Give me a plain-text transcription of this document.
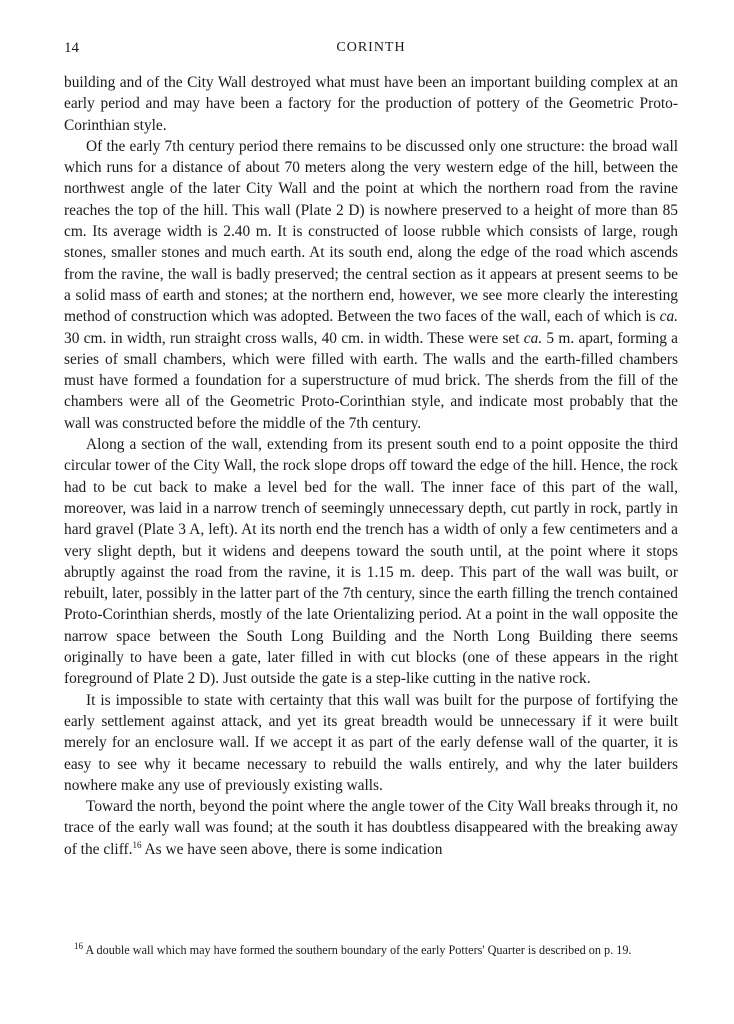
14	CORINTH

building and of the City Wall destroyed what must have been an important building complex at an early period and may have been a factory for the production of pottery of the Geometric Proto-Corinthian style.

Of the early 7th century period there remains to be discussed only one structure: the broad wall which runs for a distance of about 70 meters along the very western edge of the hill, between the northwest angle of the later City Wall and the point at which the northern road from the ravine reaches the top of the hill. This wall (Plate 2 D) is nowhere preserved to a height of more than 85 cm. Its average width is 2.40 m. It is constructed of loose rubble which consists of large, rough stones, smaller stones and much earth. At its south end, along the edge of the road which ascends from the ravine, the wall is badly preserved; the central section as it appears at present seems to be a solid mass of earth and stones; at the northern end, however, we see more clearly the interesting method of construction which was adopted. Between the two faces of the wall, each of which is ca. 30 cm. in width, run straight cross walls, 40 cm. in width. These were set ca. 5 m. apart, forming a series of small chambers, which were filled with earth. The walls and the earth-filled chambers must have formed a foundation for a superstructure of mud brick. The sherds from the fill of the chambers were all of the Geometric Proto-Corinthian style, and indicate most probably that the wall was constructed before the middle of the 7th century.

Along a section of the wall, extending from its present south end to a point opposite the third circular tower of the City Wall, the rock slope drops off toward the edge of the hill. Hence, the rock had to be cut back to make a level bed for the wall. The inner face of this part of the wall, moreover, was laid in a narrow trench of seemingly unnecessary depth, cut partly in rock, partly in hard gravel (Plate 3 A, left). At its north end the trench has a width of only a few centimeters and a very slight depth, but it widens and deepens toward the south until, at the point where it stops abruptly against the road from the ravine, it is 1.15 m. deep. This part of the wall was built, or rebuilt, later, possibly in the latter part of the 7th century, since the earth filling the trench contained Proto-Corinthian sherds, mostly of the late Orientalizing period. At a point in the wall opposite the narrow space between the South Long Building and the North Long Building there seems originally to have been a gate, later filled in with cut blocks (one of these appears in the right foreground of Plate 2 D). Just outside the gate is a step-like cutting in the native rock.

It is impossible to state with certainty that this wall was built for the purpose of fortifying the early settlement against attack, and yet its great breadth would be unnecessary if it were built merely for an enclosure wall. If we accept it as part of the early defense wall of the quarter, it is easy to see why it became necessary to rebuild the walls entirely, and why the later builders nowhere make any use of previously existing walls.

Toward the north, beyond the point where the angle tower of the City Wall breaks through it, no trace of the early wall was found; at the south it has doubtless disappeared with the breaking away of the cliff.$^{16}$ As we have seen above, there is some indication

$^{16}$ A double wall which may have formed the southern boundary of the early Potters' Quarter is described on p. 19.
